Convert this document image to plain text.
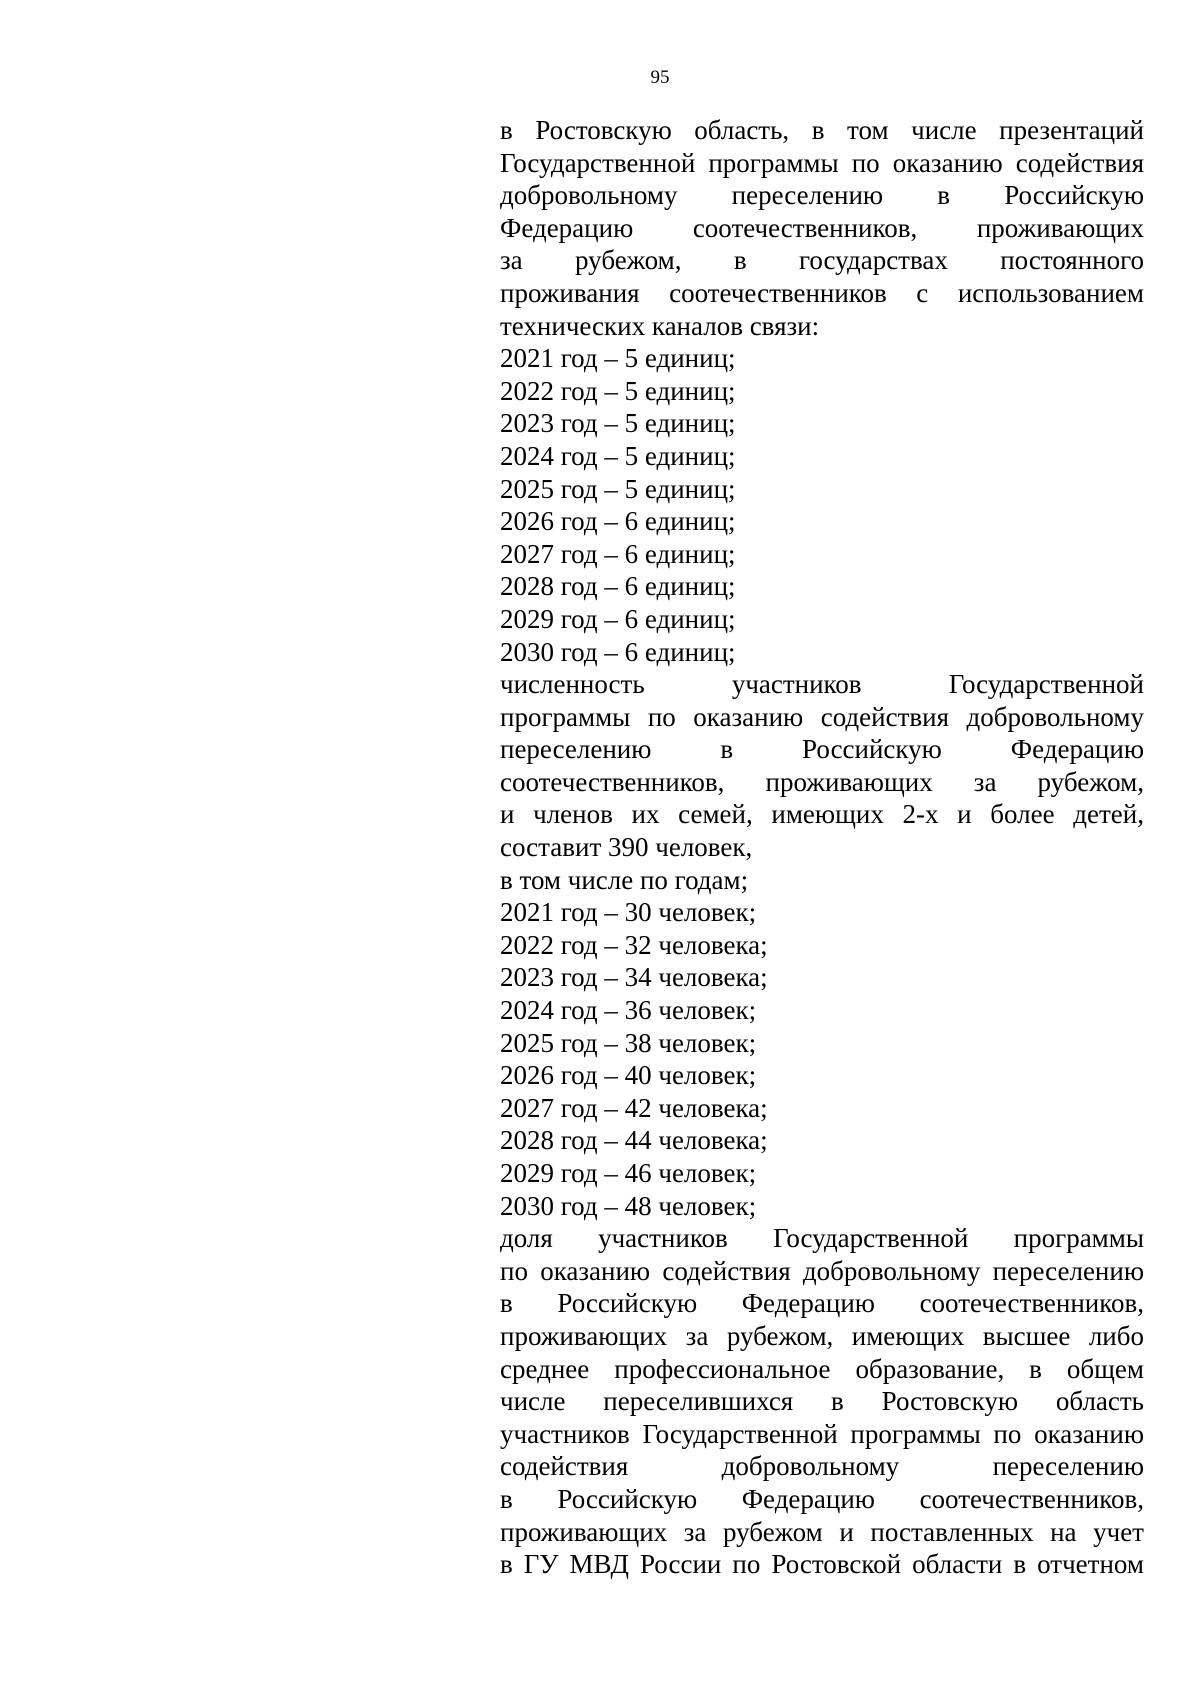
95
в Ростовскую область, в том числе презентаций
Государственной программы по оказанию содействия
добровольному переселению в Российскую
Федерацию соотечественников, проживающих
за рубежом, в государствах постоянного
проживания соотечественников с использованием
технических каналов связи:
2021 год – 5 единиц;
2022 год – 5 единиц;
2023 год – 5 единиц;
2024 год – 5 единиц;
2025 год – 5 единиц;
2026 год – 6 единиц;
2027 год – 6 единиц;
2028 год – 6 единиц;
2029 год – 6 единиц;
2030 год – 6 единиц;
численность участников Государственной
программы по оказанию содействия добровольному
переселению в Российскую Федерацию
соотечественников, проживающих за рубежом,
и членов их семей, имеющих 2-х и более детей,
составит 390 человек,
в том числе по годам;
2021 год – 30 человек;
2022 год – 32 человека;
2023 год – 34 человека;
2024 год – 36 человек;
2025 год – 38 человек;
2026 год – 40 человек;
2027 год – 42 человека;
2028 год – 44 человека;
2029 год – 46 человек;
2030 год – 48 человек;
доля участников Государственной программы
по оказанию содействия добровольному переселению
в Российскую Федерацию соотечественников,
проживающих за рубежом, имеющих высшее либо
среднее профессиональное образование, в общем
числе переселившихся в Ростовскую область
участников Государственной программы по оказанию
содействия добровольному переселению
в Российскую Федерацию соотечественников,
проживающих за рубежом и поставленных на учет
в ГУ МВД России по Ростовской области в отчетном
